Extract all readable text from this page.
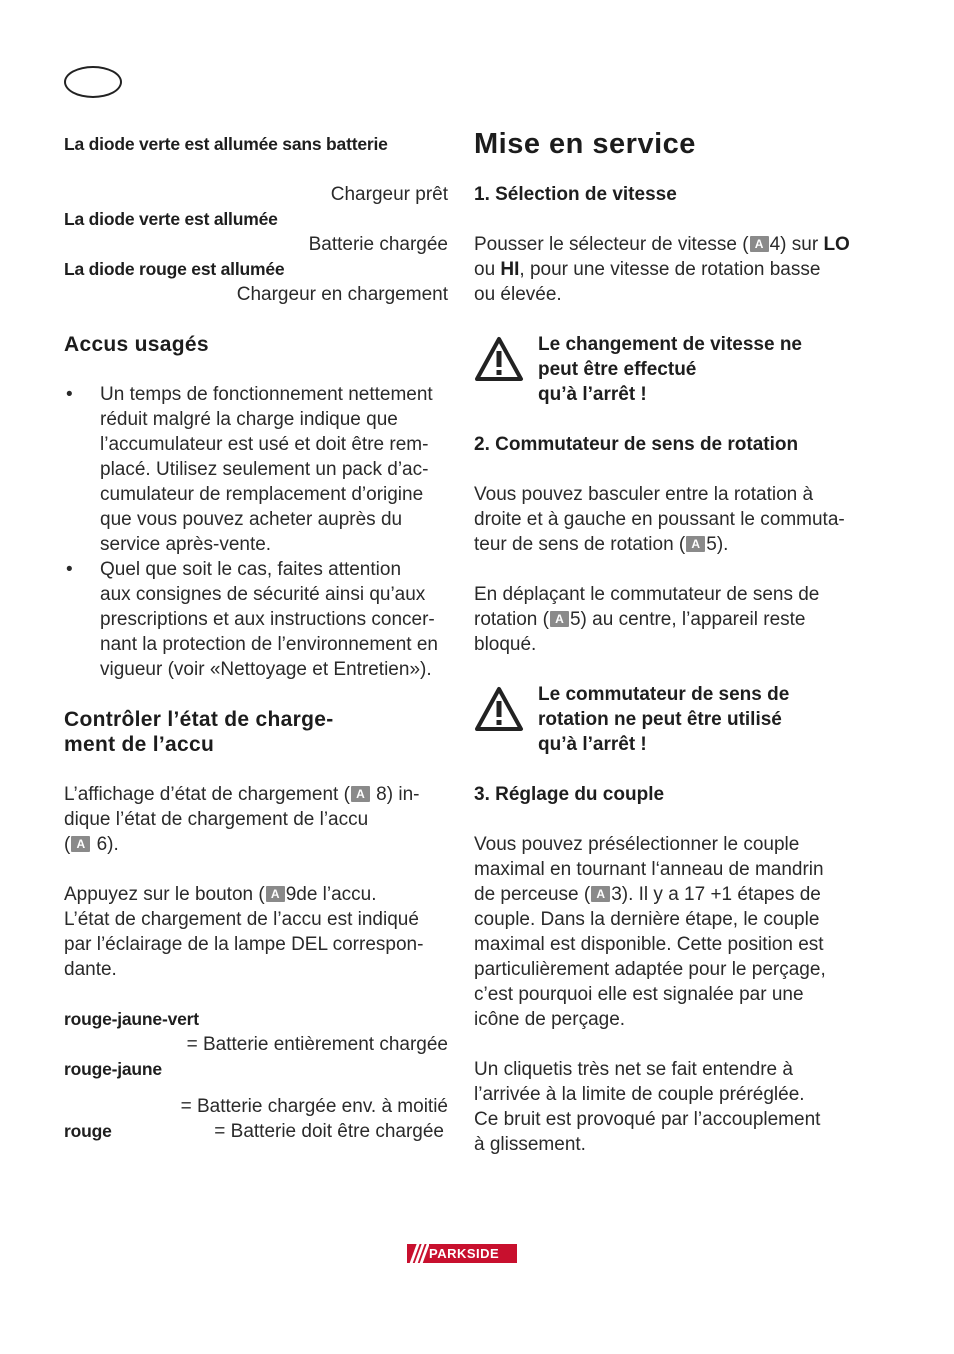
La diode verte est allumée sans batterie
Chargeur prêt
La diode verte est allumée
Batterie chargée
La diode rouge est allumée
Chargeur en chargement
Accus usagés
• Un temps de fonctionnement nettement
réduit malgré la charge indique que
l’accumulateur est usé et doit être rem-
placé. Utilisez seulement un pack d’ac-
cumulateur de remplacement d’origine
que vous pouvez acheter auprès du
service après-vente.
• Quel que soit le cas, faites attention
aux consignes de sécurité ainsi qu’aux
prescriptions et aux instructions concer-
nant la protection de l’environnement en
vigueur (voir «Nettoyage et Entretien»).
Contrôler l’état de charge-
ment de l’accu
L’affichage d’état de chargement ( A 8) in-
dique l’état de chargement de l’accu
( A 6).
Appuyez sur le bouton ( A 9de l’accu.
L’état de chargement de l’accu est indiqué
par l’éclairage de la lampe DEL correspon-
dante.
rouge-jaune-vert
= Batterie entièrement chargée
rouge-jaune
= Batterie chargée env. à moitié
rouge	= Batterie doit être chargée
Mise en service
1. Sélection de vitesse
Pousser le sélecteur de vitesse ( A 4) sur LO
ou HI, pour une vitesse de rotation basse
ou élevée.
Le changement de vitesse ne
peut être effectué
qu’à l’arrêt !
2. Commutateur de sens de rotation
Vous pouvez basculer entre la rotation à
droite et à gauche en poussant le commuta-
teur de sens de rotation ( A 5).
En déplaçant le commutateur de sens de
rotation ( A 5) au centre, l’appareil reste
bloqué.
Le commutateur de sens de
rotation ne peut être utilisé
qu’à l’arrêt !
3. Réglage du couple
Vous pouvez présélectionner le couple
maximal en tournant l‘anneau de mandrin
de perceuse ( A 3). Il y a 17 +1 étapes de
couple. Dans la dernière étape, le couple
maximal est disponible. Cette position est
particulièrement adaptée pour le perçage,
c’est pourquoi elle est signalée par une
icône de perçage.
Un cliquetis très net se fait entendre à
l’arrivée à la limite de couple préréglée.
Ce bruit est provoqué par l’accouplement
à glissement.
PARKSIDE
